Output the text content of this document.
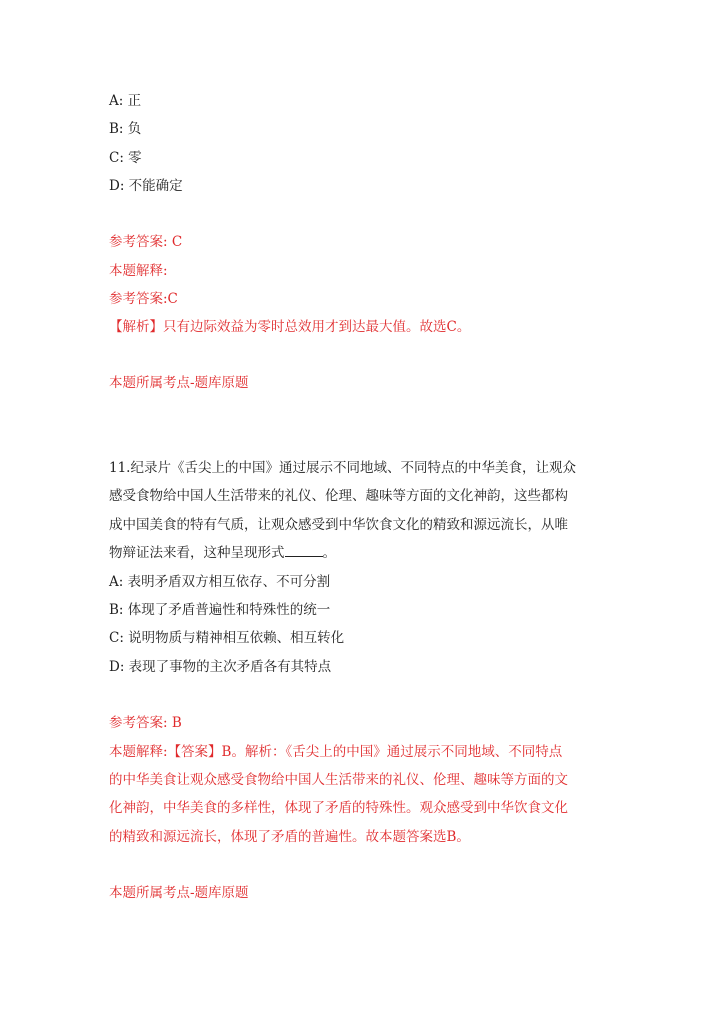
A: 正
B: 负
C: 零
D: 不能确定
参考答案: C
本题解释:
参考答案:C
【解析】只有边际效益为零时总效用才到达最大值。故选C。
本题所属考点-题库原题
11.纪录片《舌尖上的中国》通过展示不同地域、不同特点的中华美食，让观众
感受食物给中国人生活带来的礼仪、伦理、趣味等方面的文化神韵，这些都构
成中国美食的特有气质，让观众感受到中华饮食文化的精致和源远流长，从唯
物辩证法来看，这种呈现形式	。
A: 表明矛盾双方相互依存、不可分割
B: 体现了矛盾普遍性和特殊性的统一
C: 说明物质与精神相互依赖、相互转化
D: 表现了事物的主次矛盾各有其特点
参考答案: B
本题解释:【答案】B。解析：《舌尖上的中国》通过展示不同地域、不同特点
的中华美食让观众感受食物给中国人生活带来的礼仪、伦理、趣味等方面的文
化神韵，中华美食的多样性，体现了矛盾的特殊性。观众感受到中华饮食文化
的精致和源远流长，体现了矛盾的普遍性。故本题答案选B。
本题所属考点-题库原题
